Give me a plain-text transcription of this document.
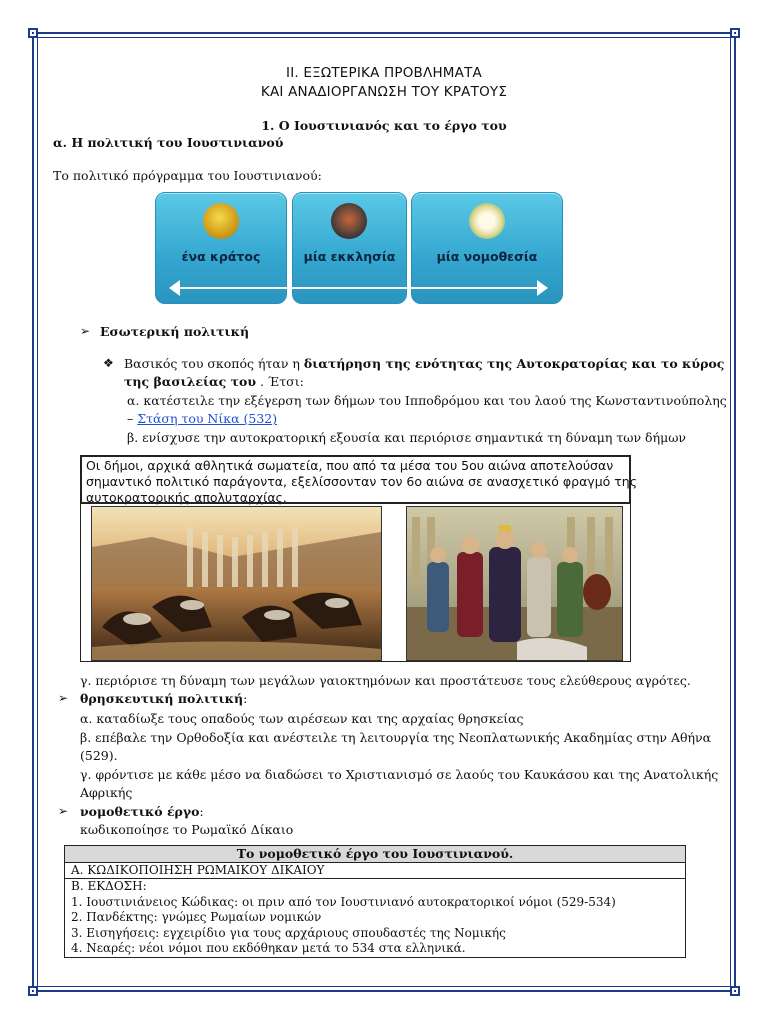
ΙΙ. ΕΞΩΤΕΡΙΚΑ ΠΡΟΒΛΗΜΑΤΑ
ΚΑΙ ΑΝΑΔΙΟΡΓΑΝΩΣΗ ΤΟΥ ΚΡΑΤΟΥΣ
1. Ο Ιουστινιανός και το έργο του
α. Η πολιτική του Ιουστινιανού
Το πολιτικό πρόγραμμα του Ιουστινιανού:
ένα κράτος	μία εκκλησία	μία νομοθεσία
➢ Εσωτερική πολιτική
❖ Βασικός του σκοπός ήταν η διατήρηση της ενότητας της Αυτοκρατορίας και το κύρος
της βασιλείας του . Έτσι:
α. κατέστειλε την εξέγερση των δήμων του Ιπποδρόμου και του λαού της Κωνσταντινούπολης
– Στάση του Νίκα (532)
β. ενίσχυσε την αυτοκρατορική εξουσία και περιόρισε σημαντικά τη δύναμη των δήμων
Οι δήμοι, αρχικά αθλητικά σωματεία, που από τα μέσα του 5ου αιώνα αποτελούσαν
σημαντικό πολιτικό παράγοντα, εξελίσσονταν τον 6ο αιώνα σε ανασχετικό φραγμό της
αυτοκρατορικής απολυταρχίας.
γ. περιόρισε τη δύναμη των μεγάλων γαιοκτημόνων και προστάτευσε τους ελεύθερους αγρότες.
➢ θρησκευτική πολιτική:
α. καταδίωξε τους οπαδούς των αιρέσεων και της αρχαίας θρησκείας
β. επέβαλε την Ορθοδοξία και ανέστειλε τη λειτουργία της Νεοπλατωνικής Ακαδημίας στην Αθήνα
(529).
γ. φρόντισε με κάθε μέσο να διαδώσει το Χριστιανισμό σε λαούς του Καυκάσου και της Ανατολικής
Αφρικής
➢ νομοθετικό έργο:
κωδικοποίησε το Ρωμαϊκό Δίκαιο
Το νομοθετικό έργο του Ιουστινιανού.
Α. ΚΩΔΙΚΟΠΟΙΗΣΗ ΡΩΜΑΙΚΟΥ ΔΙΚΑΙΟΥ

Β. ΕΚΔΟΣΗ:
1. Ιουστινιάνειος Κώδικας: οι πριν από τον Ιουστινιανό αυτοκρατορικοί νόμοι (529-534)
2. Πανδέκτης: γνώμες Ρωμαίων νομικών
3. Εισηγήσεις: εγχειρίδιο για τους αρχάριους σπουδαστές της Νομικής
4. Νεαρές: νέοι νόμοι που εκδόθηκαν μετά το 534 στα ελληνικά.
